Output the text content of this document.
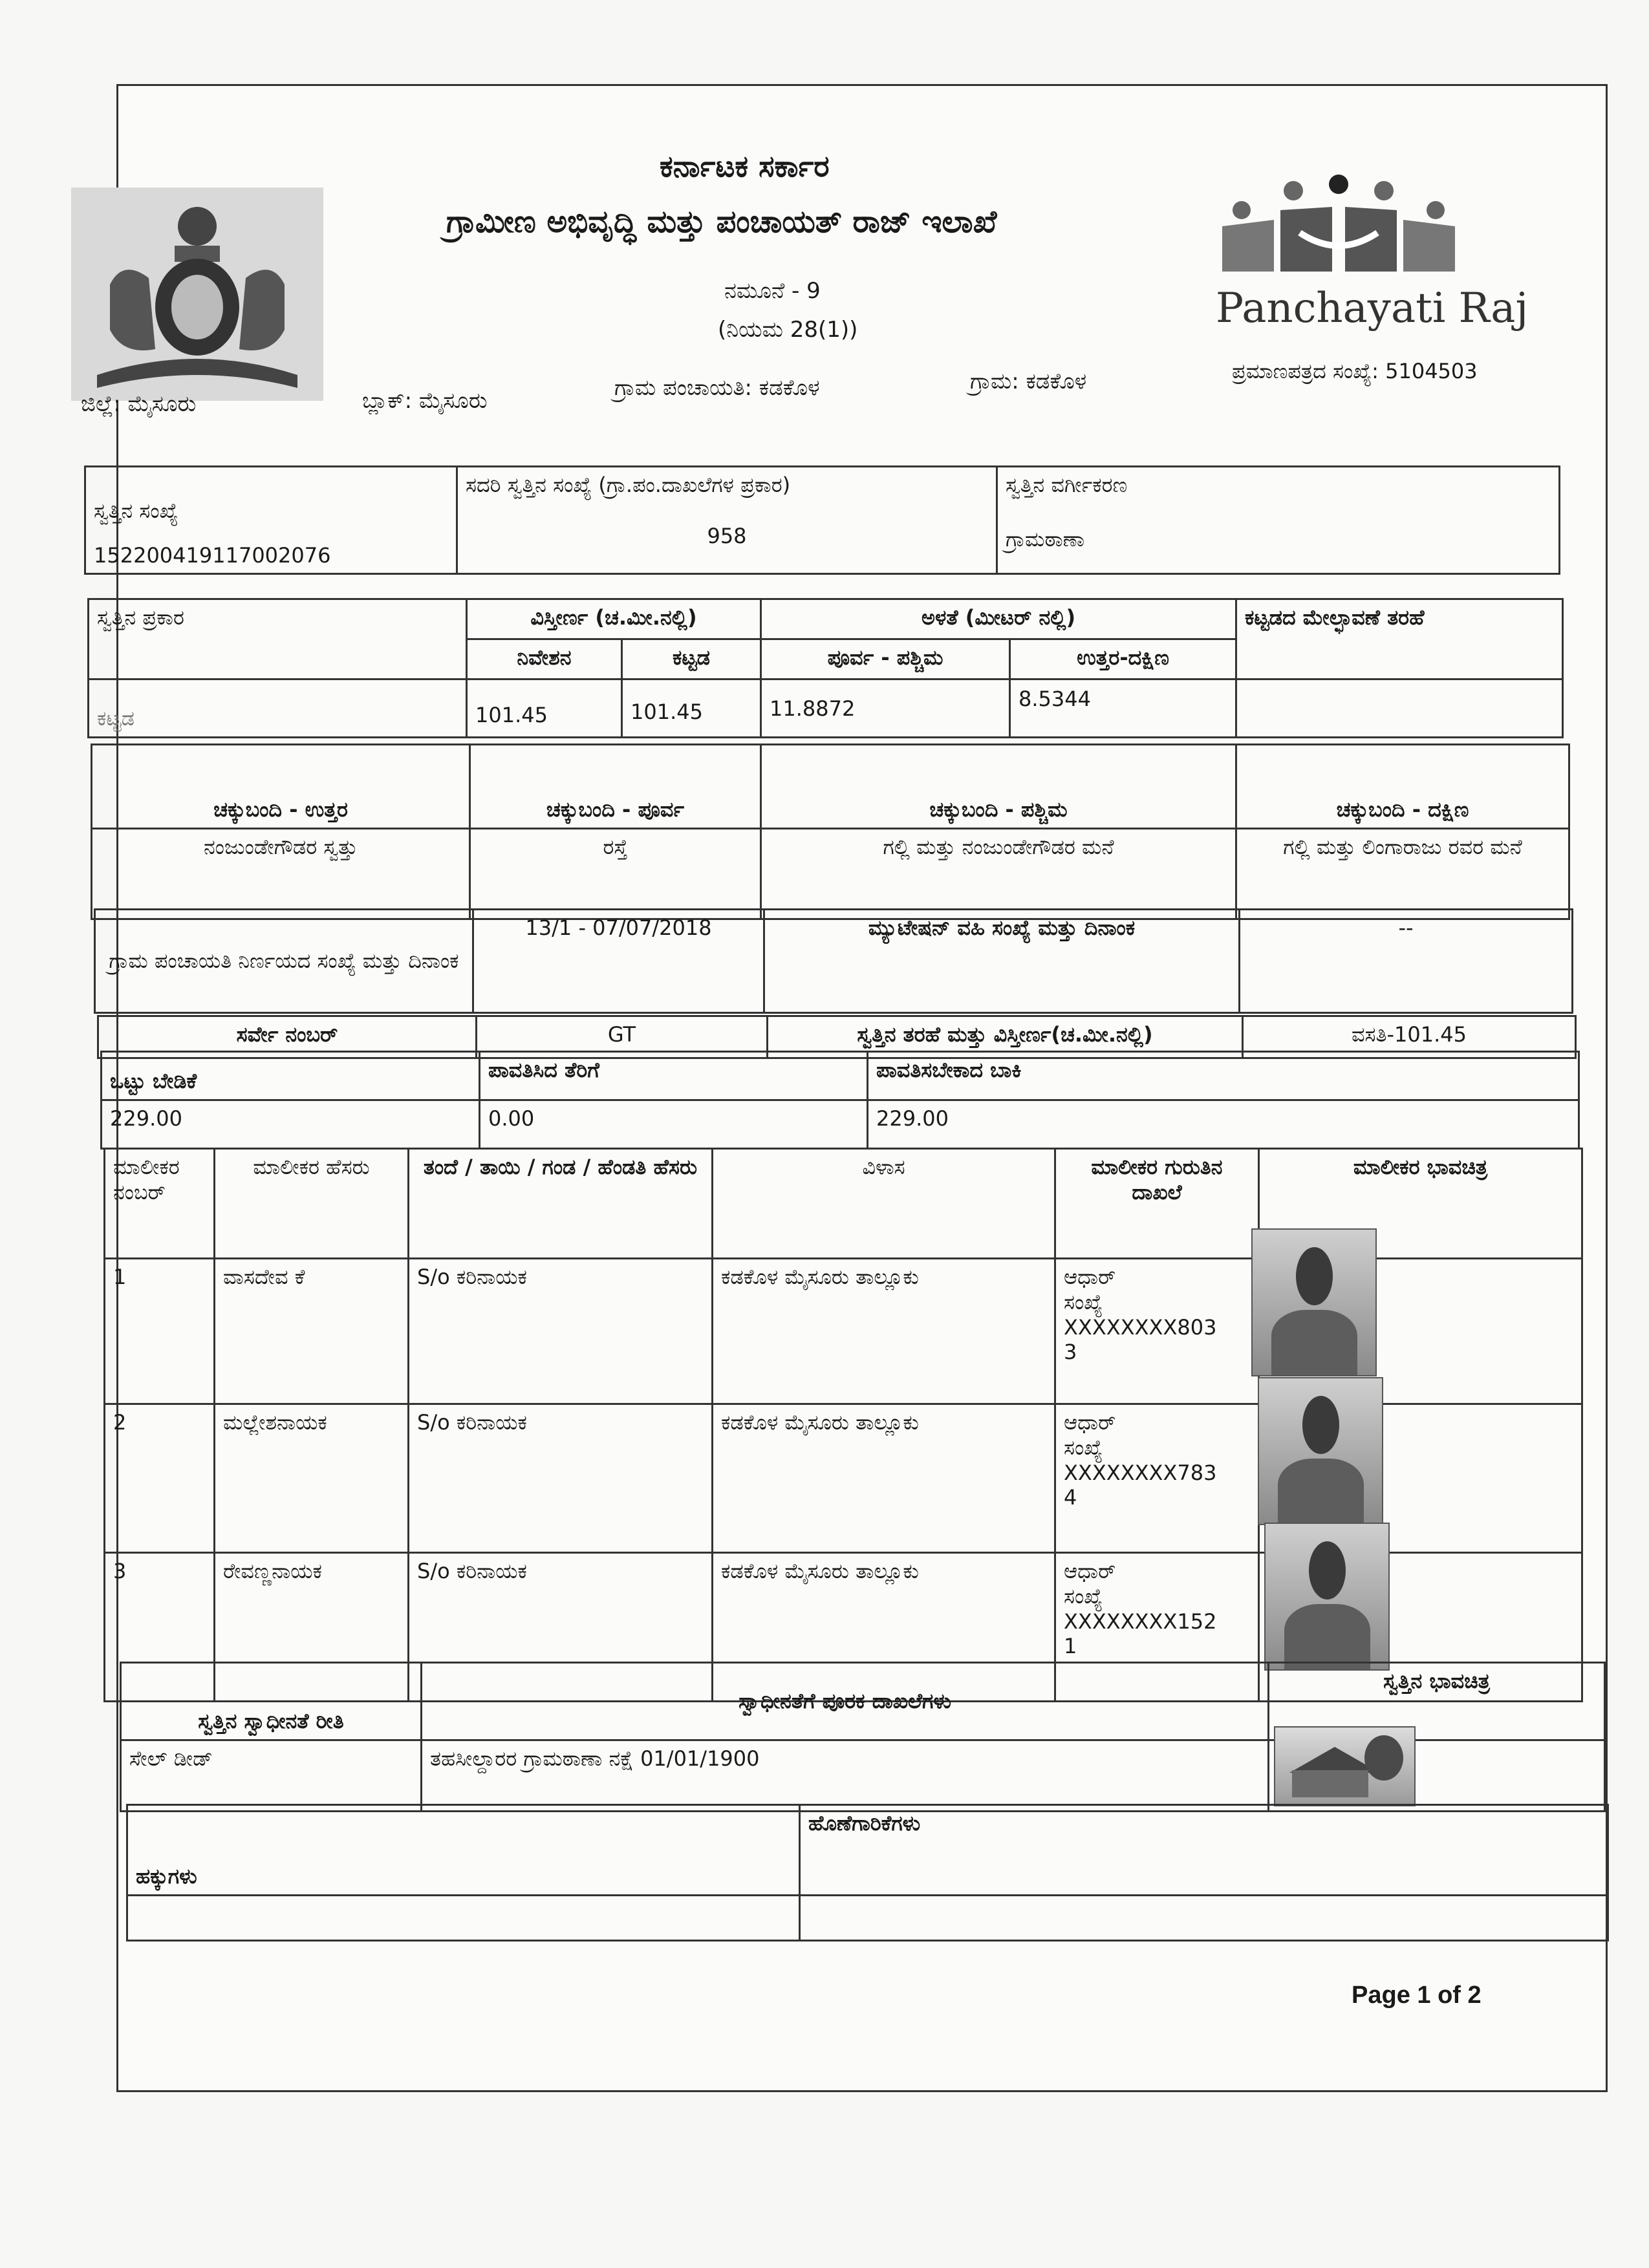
Panchayati Raj
ಕರ್ನಾಟಕ ಸರ್ಕಾರ
ಗ್ರಾಮೀಣ ಅಭಿವೃದ್ಧಿ ಮತ್ತು ಪಂಚಾಯತ್ ರಾಜ್ ಇಲಾಖೆ
ನಮೂನೆ - 9
(ನಿಯಮ 28(1))
ಪ್ರಮಾಣಪತ್ರದ ಸಂಖ್ಯೆ: 5104503
ಜಿಲ್ಲೆ: ಮೈಸೂರು	ಬ್ಲಾಕ್: ಮೈಸೂರು	ಗ್ರಾಮ ಪಂಚಾಯತಿ: ಕಡಕೊಳ	ಗ್ರಾಮ: ಕಡಕೊಳ
ಸ್ವತ್ತಿನ ಸಂಖ್ಯೆ
152200419117002076

ಸದರಿ ಸ್ವತ್ತಿನ ಸಂಖ್ಯೆ (ಗ್ರಾ.ಪಂ.ದಾಖಲೆಗಳ ಪ್ರಕಾರ)
958

ಸ್ವತ್ತಿನ ವರ್ಗೀಕರಣ
ಗ್ರಾಮಠಾಣಾ
ಸ್ವತ್ತಿನ ಪ್ರಕಾರ	ವಿಸ್ತೀರ್ಣ (ಚ.ಮೀ.ನಲ್ಲಿ)		ಅಳತೆ (ಮೀಟರ್ ನಲ್ಲಿ)		ಕಟ್ಟಡದ ಮೇಲ್ಛಾವಣೆ ತರಹೆ
	ನಿವೇಶನ	ಕಟ್ಟಡ	ಪೂರ್ವ - ಪಶ್ಚಿಮ	ಉತ್ತರ-ದಕ್ಷಿಣ	
ಕಟ್ಟಡ	101.45	101.45	11.8872	8.5344	
ಚಕ್ಕುಬಂದಿ - ಉತ್ತರ	ಚಕ್ಕುಬಂದಿ - ಪೂರ್ವ	ಚಕ್ಕುಬಂದಿ - ಪಶ್ಚಿಮ	ಚಕ್ಕುಬಂದಿ - ದಕ್ಷಿಣ
ನಂಜುಂಡೇಗೌಡರ ಸ್ವತ್ತು	ರಸ್ತೆ	ಗಲ್ಲಿ ಮತ್ತು ನಂಜುಂಡೇಗೌಡರ ಮನೆ	ಗಲ್ಲಿ ಮತ್ತು ಲಿಂಗಾರಾಜು ರವರ ಮನೆ
ಗ್ರಾಮ ಪಂಚಾಯತಿ ನಿರ್ಣಯದ ಸಂಖ್ಯೆ ಮತ್ತು ದಿನಾಂಕ	13/1 - 07/07/2018	ಮ್ಯುಟೇಷನ್ ವಹಿ ಸಂಖ್ಯೆ ಮತ್ತು ದಿನಾಂಕ	--
ಸರ್ವೇ ನಂಬರ್	GT	ಸ್ವತ್ತಿನ ತರಹೆ ಮತ್ತು ವಿಸ್ತೀರ್ಣ(ಚ.ಮೀ.ನಲ್ಲಿ)	ವಸತಿ-101.45
ಒಟ್ಟು ಬೇಡಿಕೆ	ಪಾವತಿಸಿದ ತೆರಿಗೆ	ಪಾವತಿಸಬೇಕಾದ ಬಾಕಿ
229.00	0.00	229.00
ಮಾಲೀಕರ ನಂಬರ್	ಮಾಲೀಕರ ಹೆಸರು	ತಂದೆ / ತಾಯಿ / ಗಂಡ / ಹೆಂಡತಿ ಹೆಸರು	ವಿಳಾಸ	ಮಾಲೀಕರ ಗುರುತಿನ ದಾಖಲೆ	ಮಾಲೀಕರ ಭಾವಚಿತ್ರ
1	ವಾಸದೇವ ಕೆ	S/o ಕರಿನಾಯಕ	ಕಡಕೊಳ ಮೈಸೂರು ತಾಲ್ಲೂಕು	ಆಧಾರ್
ಸಂಖ್ಯೆ
XXXXXXXX803
3	

2	ಮಲ್ಲೇಶನಾಯಕ	S/o ಕರಿನಾಯಕ	ಕಡಕೊಳ ಮೈಸೂರು ತಾಲ್ಲೂಕು	ಆಧಾರ್
ಸಂಖ್ಯೆ
XXXXXXXX783
4	

3	ರೇವಣ್ಣನಾಯಕ	S/o ಕರಿನಾಯಕ	ಕಡಕೊಳ ಮೈಸೂರು ತಾಲ್ಲೂಕು	ಆಧಾರ್
ಸಂಖ್ಯೆ
XXXXXXXX152
1	

ಸ್ವತ್ತಿನ ಸ್ವಾಧೀನತೆ ರೀತಿ	ಸ್ವಾಧೀನತೆಗೆ ಪೂರಕ ದಾಖಲೆಗಳು	ಸ್ವತ್ತಿನ ಭಾವಚಿತ್ರ
ಸೇಲ್ ಡೀಡ್	ತಹಸೀಲ್ದಾರರ ಗ್ರಾಮಠಾಣಾ ನಕ್ಷೆ 01/01/1900	
ಹಕ್ಕುಗಳು	ಹೊಣೆಗಾರಿಕೆಗಳು

Page 1 of 2
